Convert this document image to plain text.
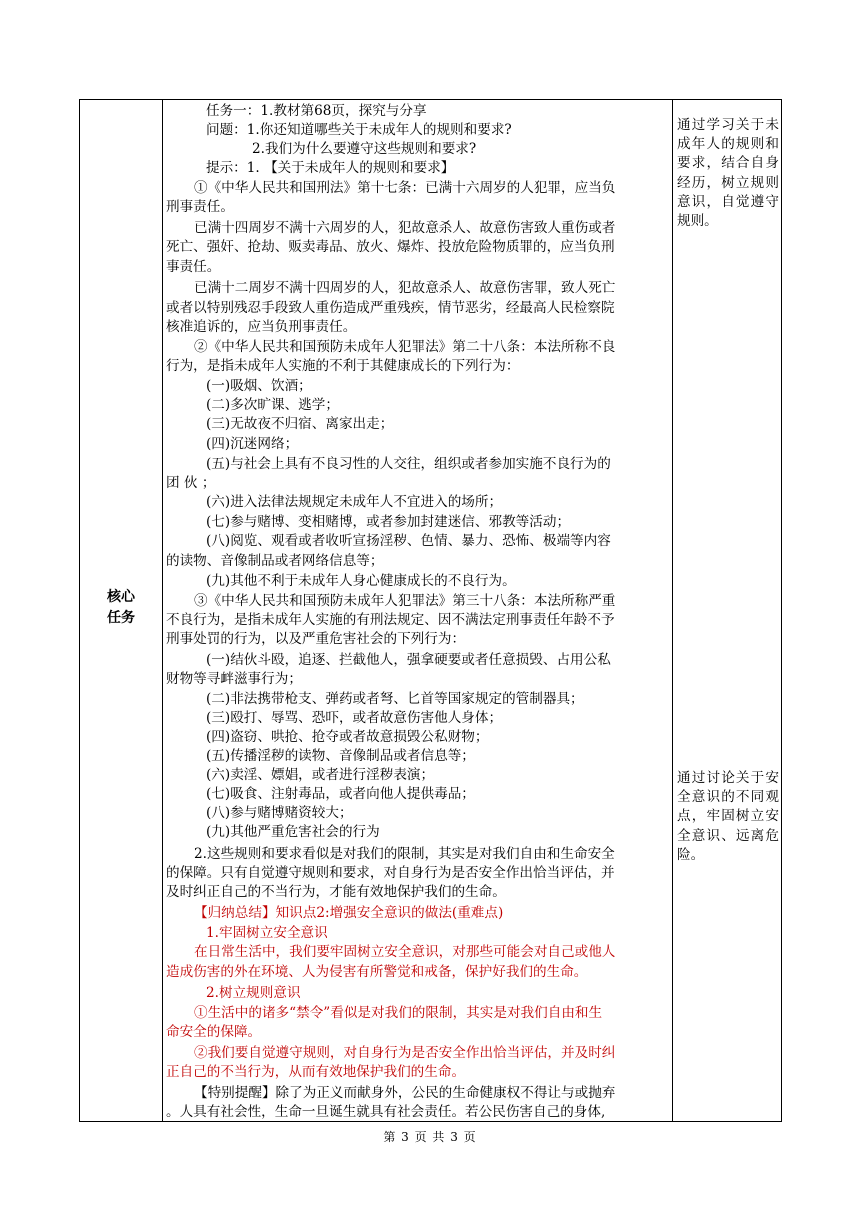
核心
任务

任务一：1.教材第68页，探究与分享

问题：1.你还知道哪些关于未成年人的规则和要求?

2.我们为什么要遵守这些规则和要求?

提示：1. 【关于未成年人的规则和要求】

①《中华人民共和国刑法》第十七条：已满十六周岁的人犯罪，应当负

刑事责任。

已满十四周岁不满十六周岁的人，犯故意杀人、故意伤害致人重伤或者

死亡、强奸、抢劫、贩卖毒品、放火、爆炸、投放危险物质罪的，应当负刑

事责任。

已满十二周岁不满十四周岁的人，犯故意杀人、故意伤害罪，致人死亡

或者以特别残忍手段致人重伤造成严重残疾，情节恶劣，经最高人民检察院

核准追诉的，应当负刑事责任。

②《中华人民共和国预防未成年人犯罪法》第二十八条：本法所称不良

行为，是指未成年人实施的不利于其健康成长的下列行为：

(一)吸烟、饮酒；

(二)多次旷课、逃学；

(三)无故夜不归宿、离家出走；

(四)沉迷网络；

(五)与社会上具有不良习性的人交往，组织或者参加实施不良行为的

团 伙 ；

(六)进入法律法规规定未成年人不宜进入的场所；

(七)参与赌博、变相赌博，或者参加封建迷信、邪教等活动；

(八)阅览、观看或者收听宣扬淫秽、色情、暴力、恐怖、极端等内容

的读物、音像制品或者网络信息等；

(九)其他不利于未成年人身心健康成长的不良行为。

③《中华人民共和国预防未成年人犯罪法》第三十八条：本法所称严重

不良行为，是指未成年人实施的有刑法规定、因不满法定刑事责任年龄不予

刑事处罚的行为，以及严重危害社会的下列行为：

(一)结伙斗殴，追逐、拦截他人，强拿硬要或者任意损毁、占用公私

财物等寻衅滋事行为；

(二)非法携带枪支、弹药或者弩、匕首等国家规定的管制器具；

(三)殴打、辱骂、恐吓，或者故意伤害他人身体；

(四)盗窃、哄抢、抢夺或者故意损毁公私财物；

(五)传播淫秽的读物、音像制品或者信息等；

(六)卖淫、嫖娼，或者进行淫秽表演；

(七)吸食、注射毒品，或者向他人提供毒品；

(八)参与赌博赌资较大；

(九)其他严重危害社会的行为

2.这些规则和要求看似是对我们的限制，其实是对我们自由和生命安全

的保障。只有自觉遵守规则和要求，对自身行为是否安全作出恰当评估，并

及时纠正自己的不当行为，才能有效地保护我们的生命。

【归纳总结】知识点2:增强安全意识的做法(重难点)

1.牢固树立安全意识

在日常生活中，我们要牢固树立安全意识，对那些可能会对自己或他人

造成伤害的外在环境、人为侵害有所警觉和戒备，保护好我们的生命。

2.树立规则意识

①生活中的诸多“禁令”看似是对我们的限制，其实是对我们自由和生

命安全的保障。

②我们要自觉遵守规则，对自身行为是否安全作出恰当评估，并及时纠

正自己的不当行为，从而有效地保护我们的生命。

【特别提醒】除了为正义而献身外，公民的生命健康权不得让与或抛弃

。人具有社会性，生命一旦诞生就具有社会责任。若公民伤害自己的身体,

通过学习关于未成年人的规则和要求，结合自身经历，树立规则意识，自觉遵守规则。
通过讨论关于安全意识的不同观点，牢固树立安全意识、远离危险。
第 3 页 共 3 页
